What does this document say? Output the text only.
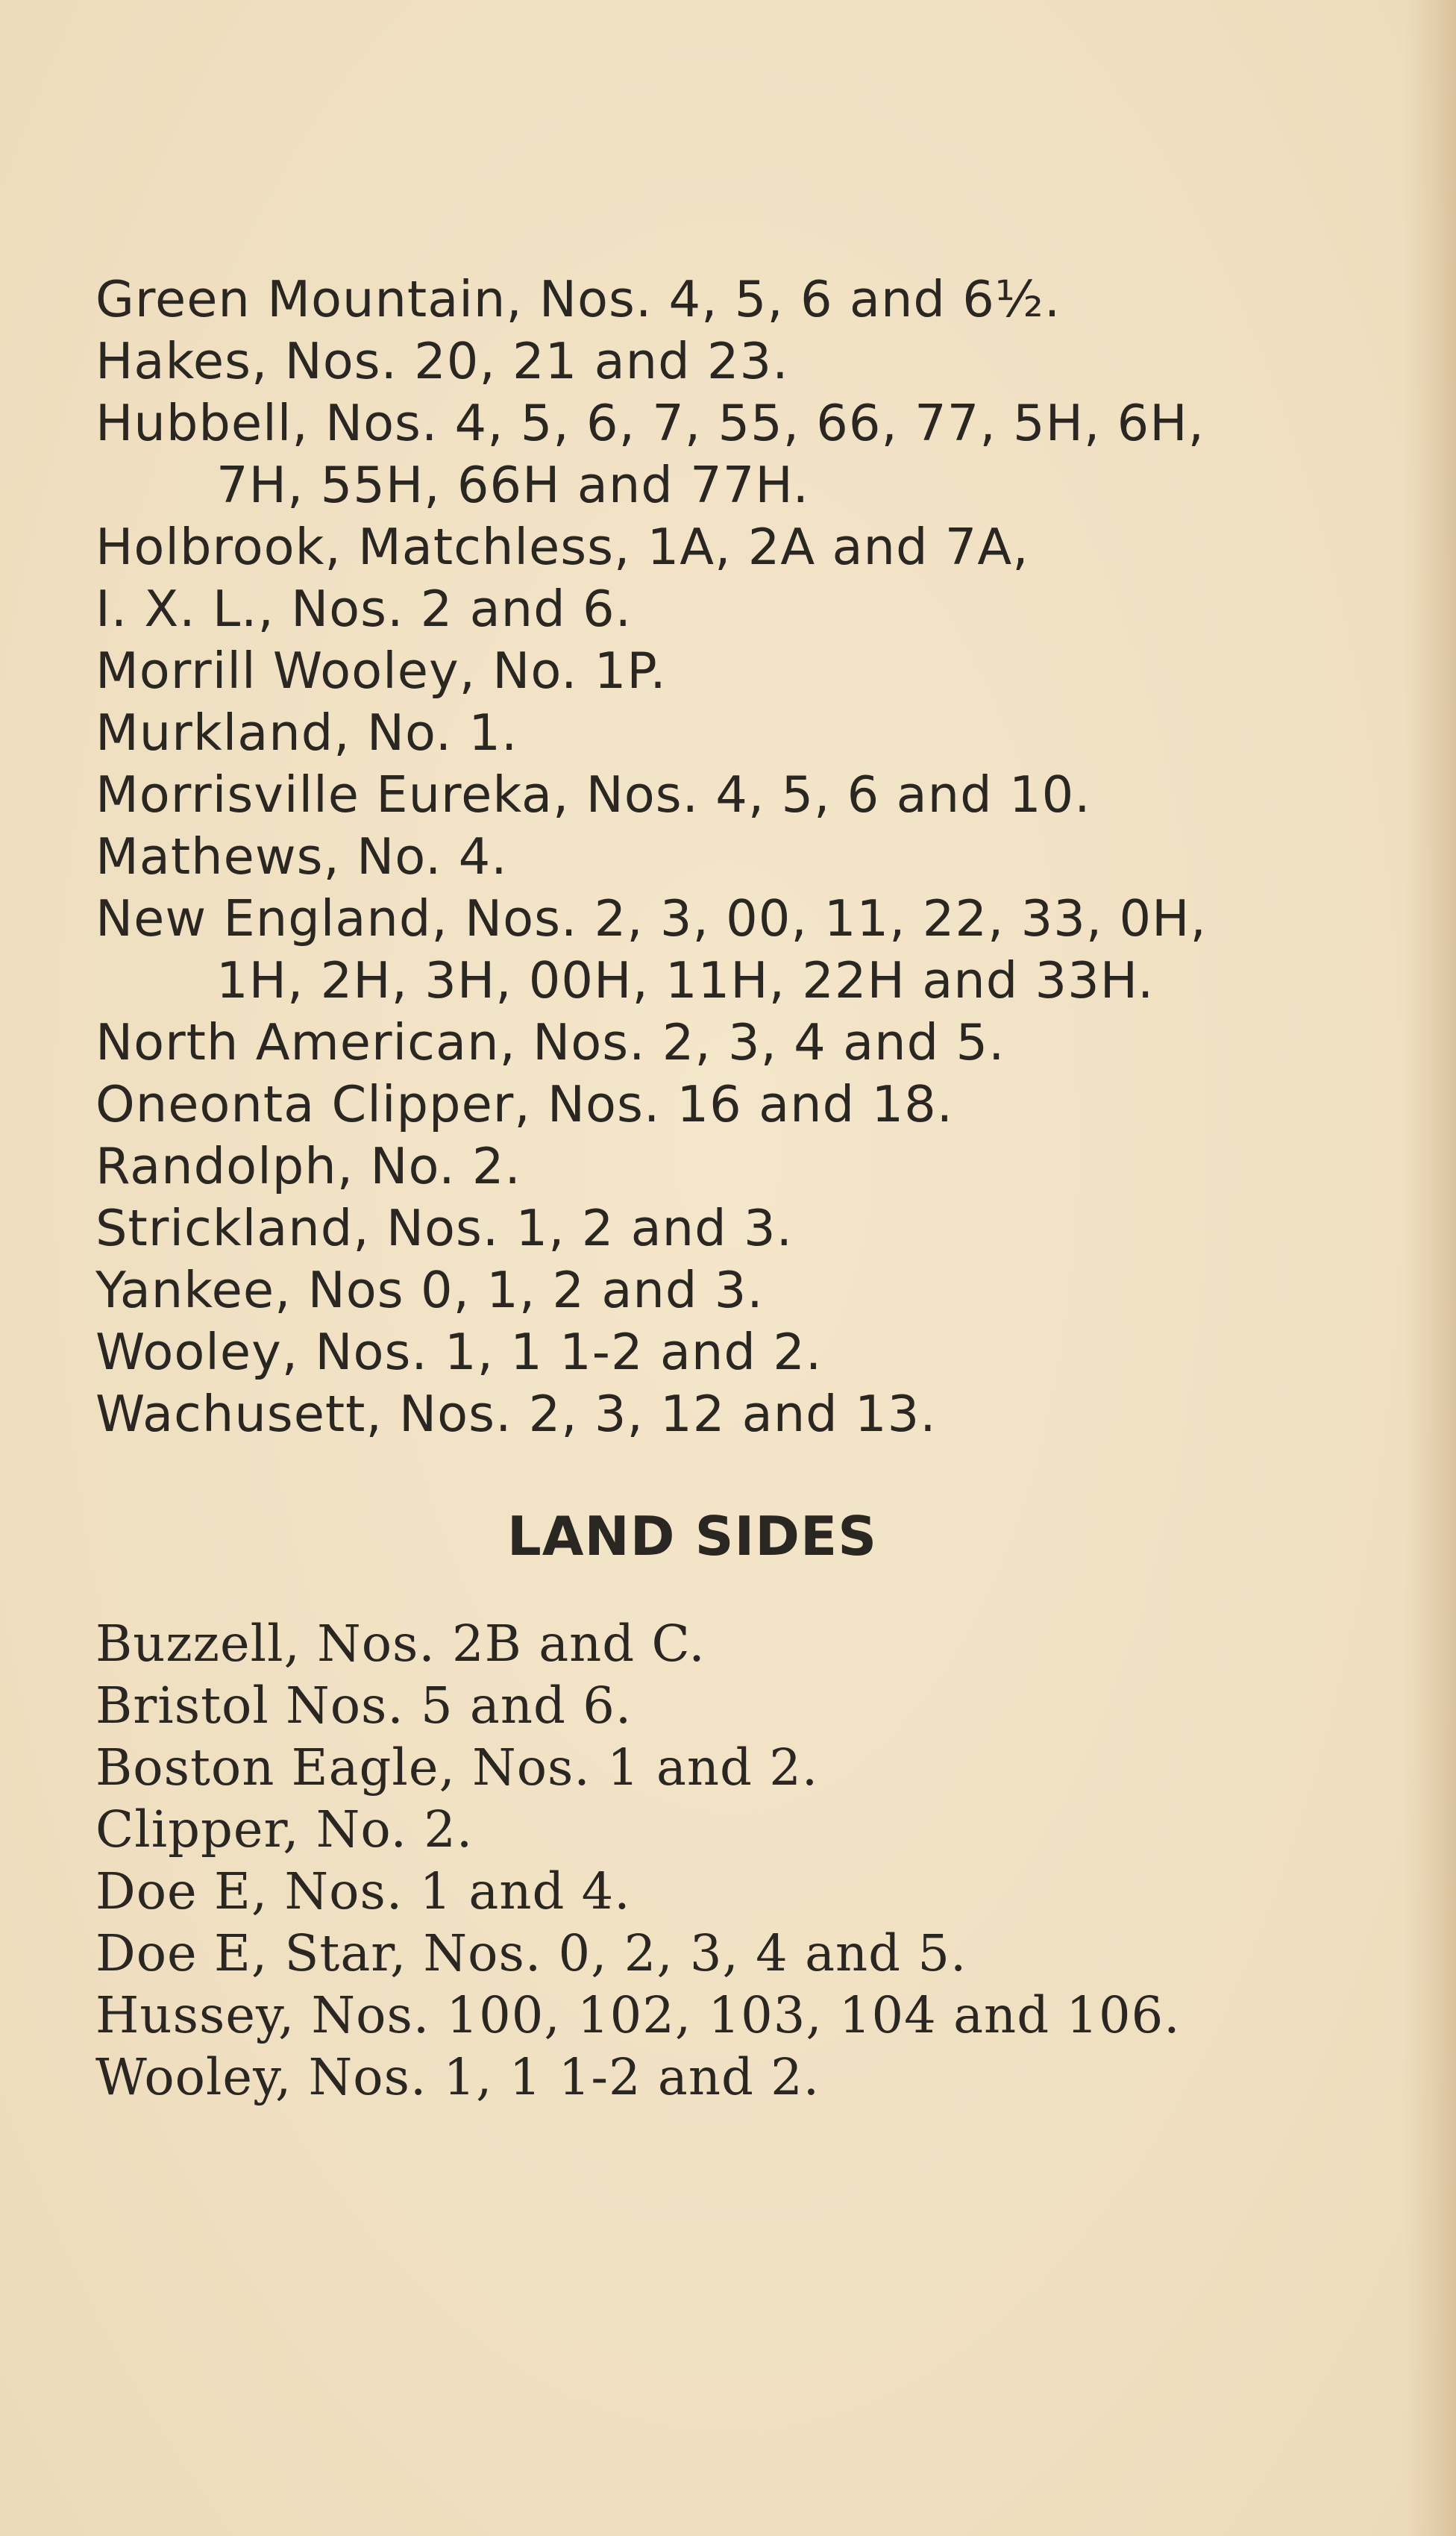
Green Mountain, Nos. 4, 5, 6 and 6½.
Hakes, Nos. 20, 21 and 23.
Hubbell, Nos. 4, 5, 6, 7, 55, 66, 77, 5H, 6H,
7H, 55H, 66H and 77H.
Holbrook, Matchless, 1A, 2A and 7A,
I. X. L., Nos. 2 and 6.
Morrill Wooley, No. 1P.
Murkland, No. 1.
Morrisville Eureka, Nos. 4, 5, 6 and 10.
Mathews, No. 4.
New England, Nos. 2, 3, 00, 11, 22, 33, 0H,
1H, 2H, 3H, 00H, 11H, 22H and 33H.
North American, Nos. 2, 3, 4 and 5.
Oneonta Clipper, Nos. 16 and 18.
Randolph, No. 2.
Strickland, Nos. 1, 2 and 3.
Yankee, Nos 0, 1, 2 and 3.
Wooley, Nos. 1, 1 1-2 and 2.
Wachusett, Nos. 2, 3, 12 and 13.
LAND SIDES
Buzzell, Nos. 2B and C.
Bristol Nos. 5 and 6.
Boston Eagle, Nos. 1 and 2.
Clipper, No. 2.
Doe E, Nos. 1 and 4.
Doe E, Star, Nos. 0, 2, 3, 4 and 5.
Hussey, Nos. 100, 102, 103, 104 and 106.
Wooley, Nos. 1, 1 1-2 and 2.
